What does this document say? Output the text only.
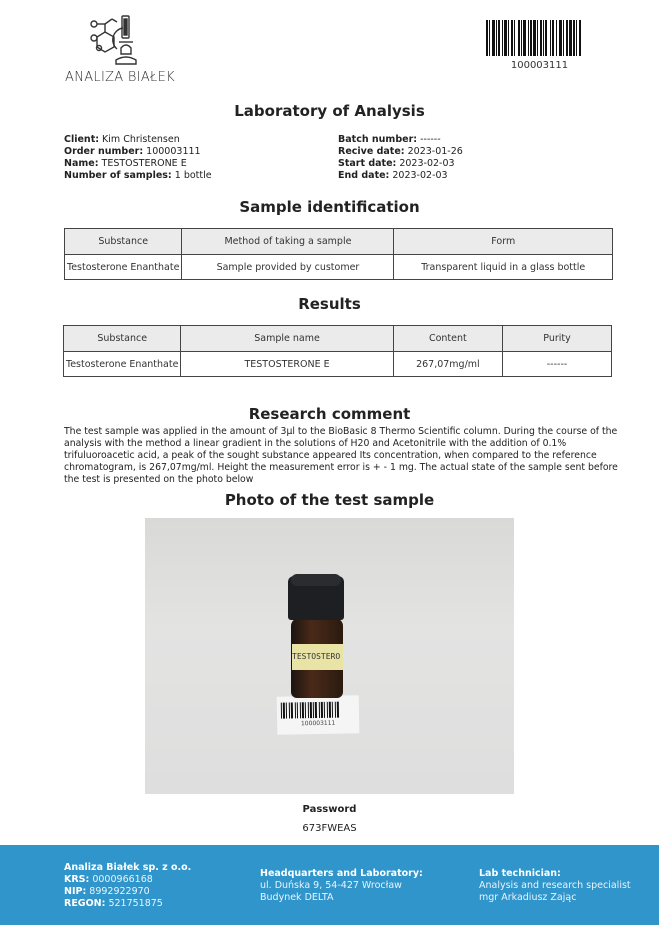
ANALIZA BIAŁEK
100003111
Laboratory of Analysis
Client: Kim Christensen
Order number: 100003111
Name: TESTOSTERONE E
Number of samples: 1 bottle
Batch number: ------
Recive date: 2023-01-26
Start date: 2023-02-03
End date: 2023-02-03
Sample identification
Substance	Method of taking a sample	Form
Testosterone Enanthate	Sample provided by customer	Transparent liquid in a glass bottle
Results
Substance	Sample name	Content	Purity
Testosterone Enanthate	TESTOSTERONE E	267,07mg/ml	------
Research comment
The test sample was applied in the amount of 3µl to the BioBasic 8 Thermo Scientific column. During the course of the analysis with the method a linear gradient in the solutions of H20 and Acetonitrile with the addition of 0.1% trifuluoroacetic acid, a peak of the sought substance appeared Its concentration, when compared to the reference chromatogram, is 267,07mg/ml. Height the measurement error is + - 1 mg. The actual state of the sample sent before the test is presented on the photo below
Photo of the test sample
100003111
TESTOSTERO
Password
673FWEAS
Analiza Białek sp. z o.o.
KRS: 0000966168
NIP: 8992922970
REGON: 521751875
Headquarters and Laboratory:
ul. Duńska 9, 54-427 Wrocław
Budynek DELTA
Lab technician:
Analysis and research specialist
mgr Arkadiusz Zając
